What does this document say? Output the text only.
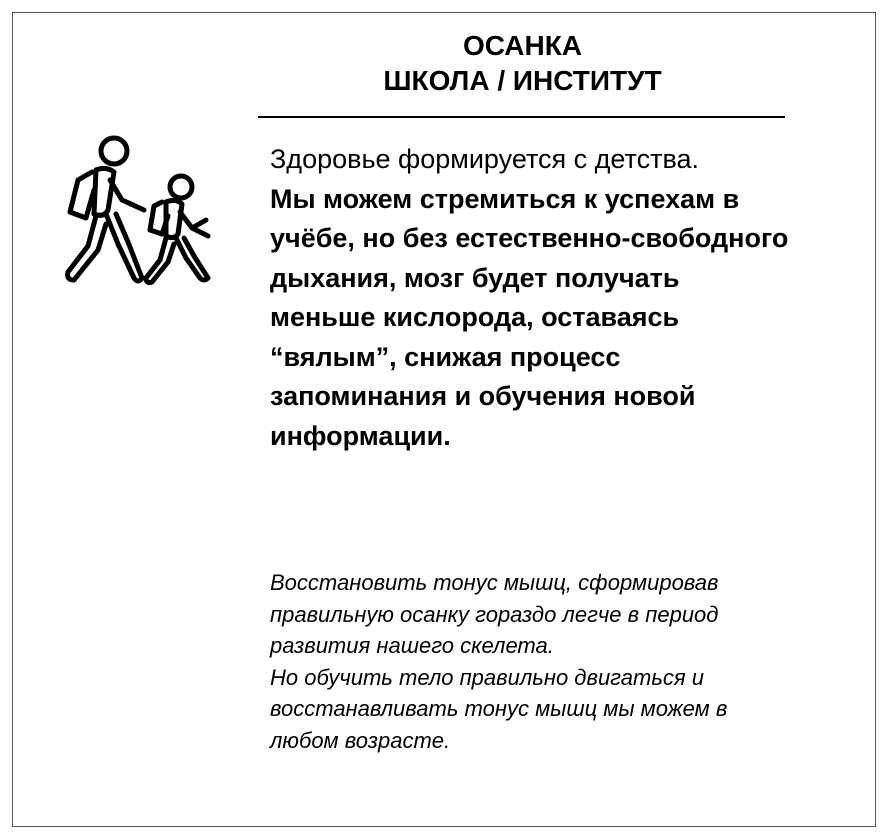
ОСАНКА
ШКОЛА / ИНСТИТУТ
Здоровье формируется с детства.
Мы можем стремиться к успехам в учёбе, но без естественно-свободного дыхания, мозг будет получать меньше кислорода, оставаясь “вялым”, снижая процесс запоминания и обучения новой информации.
Восстановить тонус мышц, сформировав правильную осанку гораздо легче в период развития нашего скелета.
Но обучить тело правильно двигаться и восстанавливать тонус мышц мы можем в любом возрасте.
